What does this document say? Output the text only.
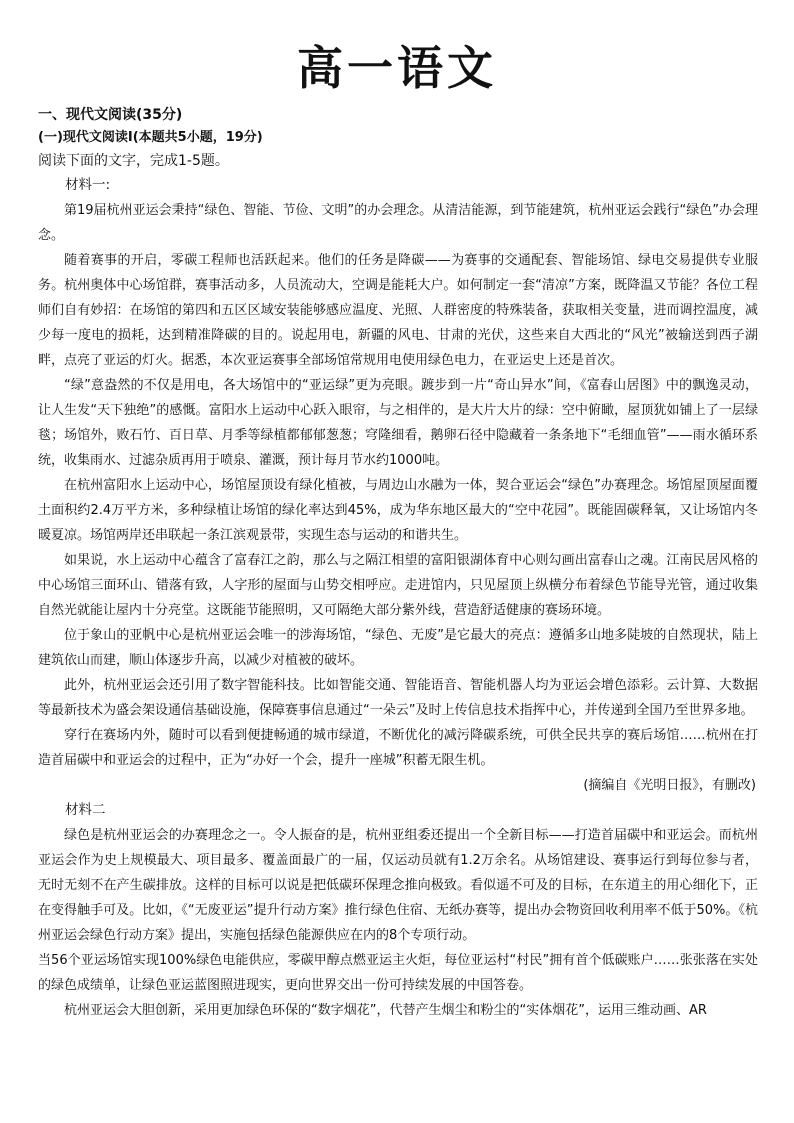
高一语文

一、现代文阅读(35分)

(一)现代文阅读Ⅰ(本题共5小题，19分)

阅读下面的文字，完成1-5题。

材料一:

第19届杭州亚运会秉持“绿色、智能、节俭、文明”的办会理念。从清洁能源，到节能建筑，杭州亚运会践行“绿色”办会理念。

随着赛事的开启，零碳工程师也活跃起来。他们的任务是降碳——为赛事的交通配套、智能场馆、绿电交易提供专业服务。杭州奥体中心场馆群，赛事活动多，人员流动大，空调是能耗大户。如何制定一套“清凉”方案，既降温又节能？各位工程师们自有妙招：在场馆的第四和五区区域安装能够感应温度、光照、人群密度的特殊装备，获取相关变量，进而调控温度，减少每一度电的损耗，达到精准降碳的目的。说起用电，新疆的风电、甘肃的光伏，这些来自大西北的“风光”被输送到西子湖畔，点亮了亚运的灯火。据悉，本次亚运赛事全部场馆常规用电使用绿色电力，在亚运史上还是首次。

“绿”意盎然的不仅是用电，各大场馆中的“亚运绿”更为亮眼。踱步到一片“奇山异水”间，《富春山居图》中的飘逸灵动，让人生发“天下独绝”的感慨。富阳水上运动中心跃入眼帘，与之相伴的，是大片大片的绿：空中俯瞰，屋顶犹如铺上了一层绿毯；场馆外，败石竹、百日草、月季等绿植都郁郁葱葱；穹隆细看，鹅卵石径中隐藏着一条条地下“毛细血管”——雨水循环系统，收集雨水、过滤杂质再用于喷泉、灌溉，预计每月节水约1000吨。

在杭州富阳水上运动中心，场馆屋顶设有绿化植被，与周边山水融为一体，契合亚运会“绿色”办赛理念。场馆屋顶屋面覆土面积约2.4万平方米，多种绿植让场馆的绿化率达到45%，成为华东地区最大的“空中花园”。既能固碳释氧，又让场馆内冬暖夏凉。场馆两岸还串联起一条江滨观景带，实现生态与运动的和谐共生。

如果说，水上运动中心蕴含了富春江之韵，那么与之隔江相望的富阳银湖体育中心则勾画出富春山之魂。江南民居风格的中心场馆三面环山、错落有致，人字形的屋面与山势交相呼应。走进馆内，只见屋顶上纵横分布着绿色节能导光管，通过收集自然光就能让屋内十分亮堂。这既能节能照明，又可隔绝大部分紫外线，营造舒适健康的赛场环境。

位于象山的亚帆中心是杭州亚运会唯一的涉海场馆，“绿色、无废”是它最大的亮点：遵循多山地多陡坡的自然现状，陆上建筑依山而建，顺山体逐步升高，以减少对植被的破坏。

此外，杭州亚运会还引用了数字智能科技。比如智能交通、智能语音、智能机器人均为亚运会增色添彩。云计算、大数据等最新技术为盛会架设通信基础设施，保障赛事信息通过“一朵云”及时上传信息技术指挥中心，并传递到全国乃至世界多地。

穿行在赛场内外，随时可以看到便捷畅通的城市绿道，不断优化的减污降碳系统，可供全民共享的赛后场馆……杭州在打造首届碳中和亚运会的过程中，正为“办好一个会，提升一座城”积蓄无限生机。

(摘编自《光明日报》，有删改)

材料二

绿色是杭州亚运会的办赛理念之一。令人振奋的是，杭州亚组委还提出一个全新目标——打造首届碳中和亚运会。而杭州亚运会作为史上规模最大、项目最多、覆盖面最广的一届，仅运动员就有1.2万余名。从场馆建设、赛事运行到每位参与者，无时无刻不在产生碳排放。这样的目标可以说是把低碳环保理念推向极致。看似遥不可及的目标，在东道主的用心细化下，正在变得触手可及。比如，《“无废亚运”提升行动方案》推行绿色住宿、无纸办赛等，提出办会物资回收利用率不低于50%。《杭州亚运会绿色行动方案》提出，实施包括绿色能源供应在内的8个专项行动。

当56个亚运场馆实现100%绿色电能供应，零碳甲醇点燃亚运主火炬，每位亚运村“村民”拥有首个低碳账户……张张落在实处的绿色成绩单，让绿色亚运蓝图照进现实，更向世界交出一份可持续发展的中国答卷。

杭州亚运会大胆创新，采用更加绿色环保的“数字烟花”，代替产生烟尘和粉尘的“实体烟花”，运用三维动画、AR
